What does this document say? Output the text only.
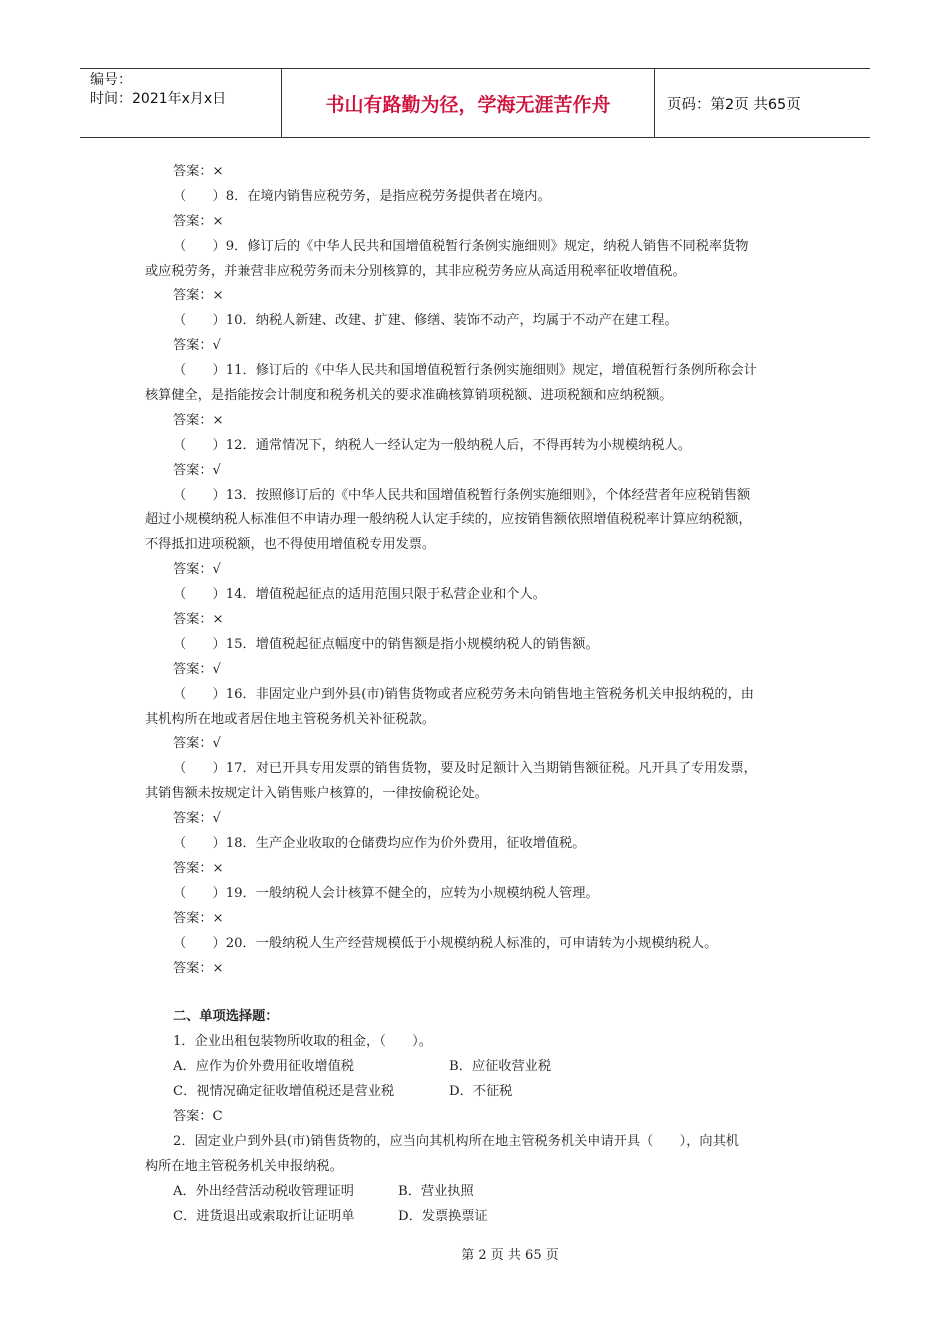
编号：
时间：2021年x月x日	书山有路勤为径，学海无涯苦作舟	页码：第2页 共65页
答案：×
（　　）8．在境内销售应税劳务，是指应税劳务提供者在境内。
答案：×
（　　）9．修订后的《中华人民共和国增值税暂行条例实施细则》规定，纳税人销售不同税率货物
或应税劳务，并兼营非应税劳务而未分别核算的，其非应税劳务应从高适用税率征收增值税。
答案：×
（　　）10．纳税人新建、改建、扩建、修缮、装饰不动产，均属于不动产在建工程。
答案：√
（　　）11．修订后的《中华人民共和国增值税暂行条例实施细则》规定，增值税暂行条例所称会计
核算健全，是指能按会计制度和税务机关的要求准确核算销项税额、进项税额和应纳税额。
答案：×
（　　）12．通常情况下，纳税人一经认定为一般纳税人后，不得再转为小规模纳税人。
答案：√
（　　）13．按照修订后的《中华人民共和国增值税暂行条例实施细则》，个体经营者年应税销售额
超过小规模纳税人标准但不申请办理一般纳税人认定手续的，应按销售额依照增值税税率计算应纳税额，
不得抵扣进项税额，也不得使用增值税专用发票。
答案：√
（　　）14．增值税起征点的适用范围只限于私营企业和个人。
答案：×
（　　）15．增值税起征点幅度中的销售额是指小规模纳税人的销售额。
答案：√
（　　）16．非固定业户到外县(市)销售货物或者应税劳务未向销售地主管税务机关申报纳税的，由
其机构所在地或者居住地主管税务机关补征税款。
答案：√
（　　）17．对已开具专用发票的销售货物，要及时足额计入当期销售额征税。凡开具了专用发票，
其销售额未按规定计入销售账户核算的，一律按偷税论处。
答案：√
（　　）18．生产企业收取的仓储费均应作为价外费用，征收增值税。
答案：×
（　　）19．一般纳税人会计核算不健全的，应转为小规模纳税人管理。
答案：×
（　　）20．一般纳税人生产经营规模低于小规模纳税人标准的，可申请转为小规模纳税人。
答案：×
二、单项选择题：
1．企业出租包装物所收取的租金，（　　）。
A．应作为价外费用征收增值税	B．应征收营业税
C．视情况确定征收增值税还是营业税	D．不征税
答案：C
2．固定业户到外县(市)销售货物的，应当向其机构所在地主管税务机关申请开具（　　），向其机
构所在地主管税务机关申报纳税。
A．外出经营活动税收管理证明	B．营业执照
C．进货退出或索取折让证明单	D．发票换票证
第 2 页 共 65 页
